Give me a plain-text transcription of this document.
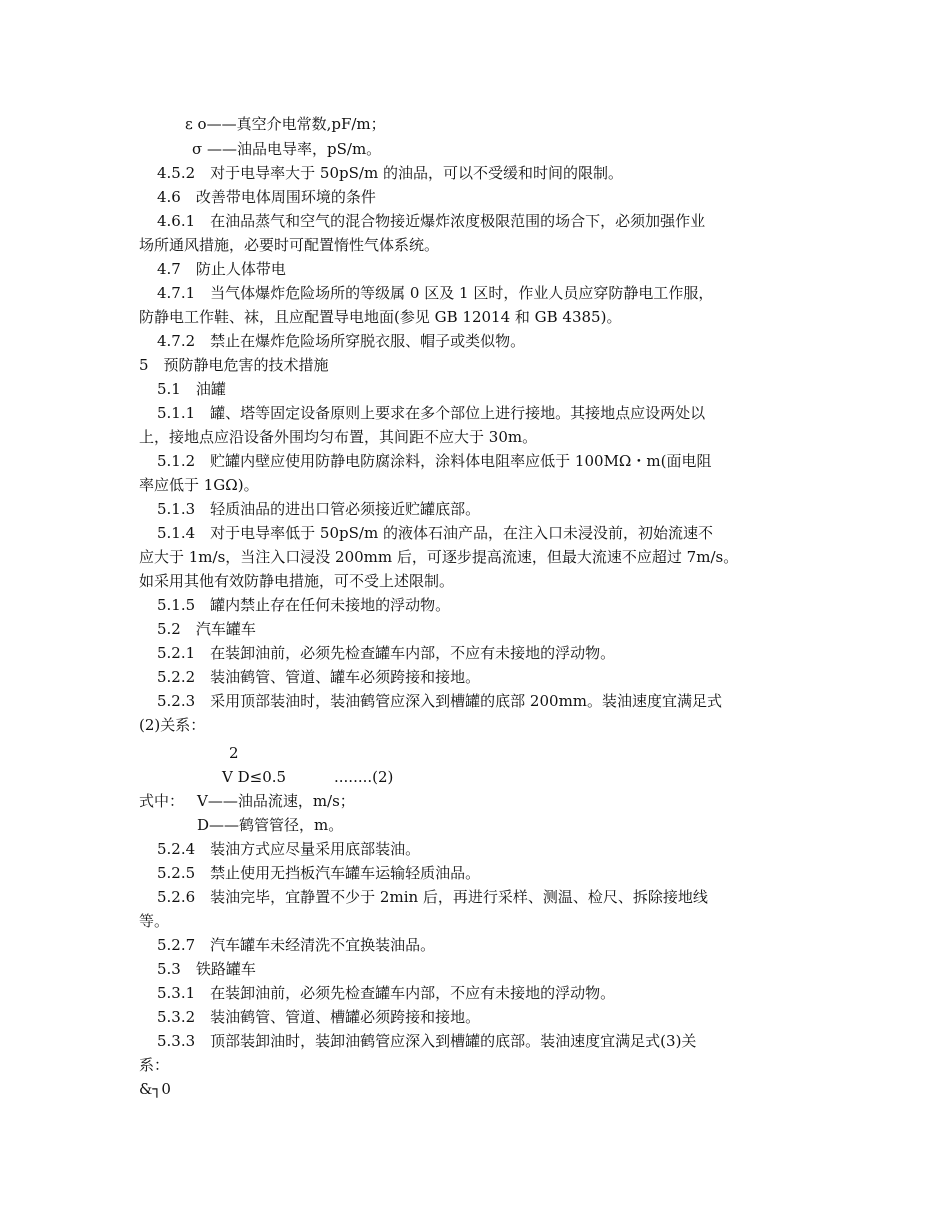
ε o——真空介电常数,pF/m；
σ ——油品电导率，pS/m。
4.5.2　对于电导率大于 50pS/m 的油品，可以不受缓和时间的限制。
4.6　改善带电体周围环境的条件
4.6.1　在油品蒸气和空气的混合物接近爆炸浓度极限范围的场合下，必须加强作业
场所通风措施，必要时可配置惰性气体系统。
4.7　防止人体带电
4.7.1　当气体爆炸危险场所的等级属 0 区及 1 区时，作业人员应穿防静电工作服，
防静电工作鞋、袜，且应配置导电地面(参见 GB 12014 和 GB 4385)。
4.7.2　禁止在爆炸危险场所穿脱衣服、帽子或类似物。
5　预防静电危害的技术措施
5.1　油罐
5.1.1　罐、塔等固定设备原则上要求在多个部位上进行接地。其接地点应设两处以
上，接地点应沿设备外围均匀布置，其间距不应大于 30m。
5.1.2　贮罐内壁应使用防静电防腐涂料，涂料体电阻率应低于 100MΩ・m(面电阻
率应低于 1GΩ)。
5.1.3　轻质油品的进出口管必须接近贮罐底部。
5.1.4　对于电导率低于 50pS/m 的液体石油产品，在注入口未浸没前，初始流速不
应大于 1m/s，当注入口浸没 200mm 后，可逐步提高流速，但最大流速不应超过 7m/s。
如采用其他有效防静电措施，可不受上述限制。
5.1.5　罐内禁止存在任何未接地的浮动物。
5.2　汽车罐车
5.2.1　在装卸油前，必须先检查罐车内部，不应有未接地的浮动物。
5.2.2　装油鹤管、管道、罐车必须跨接和接地。
5.2.3　采用顶部装油时，装油鹤管应深入到槽罐的底部 200mm。装油速度宜满足式
(2)关系：
2
V D≤0.5	........(2)
式中： V——油品流速，m/s；
D——鹤管管径，m。
5.2.4　装油方式应尽量采用底部装油。
5.2.5　禁止使用无挡板汽车罐车运输轻质油品。
5.2.6　装油完毕，宜静置不少于 2min 后，再进行采样、测温、检尺、拆除接地线
等。
5.2.7　汽车罐车未经清洗不宜换装油品。
5.3　铁路罐车
5.3.1　在装卸油前，必须先检查罐车内部，不应有未接地的浮动物。
5.3.2　装油鹤管、管道、槽罐必须跨接和接地。
5.3.3　顶部装卸油时，装卸油鹤管应深入到槽罐的底部。装油速度宜满足式(3)关
系：
&┐0
